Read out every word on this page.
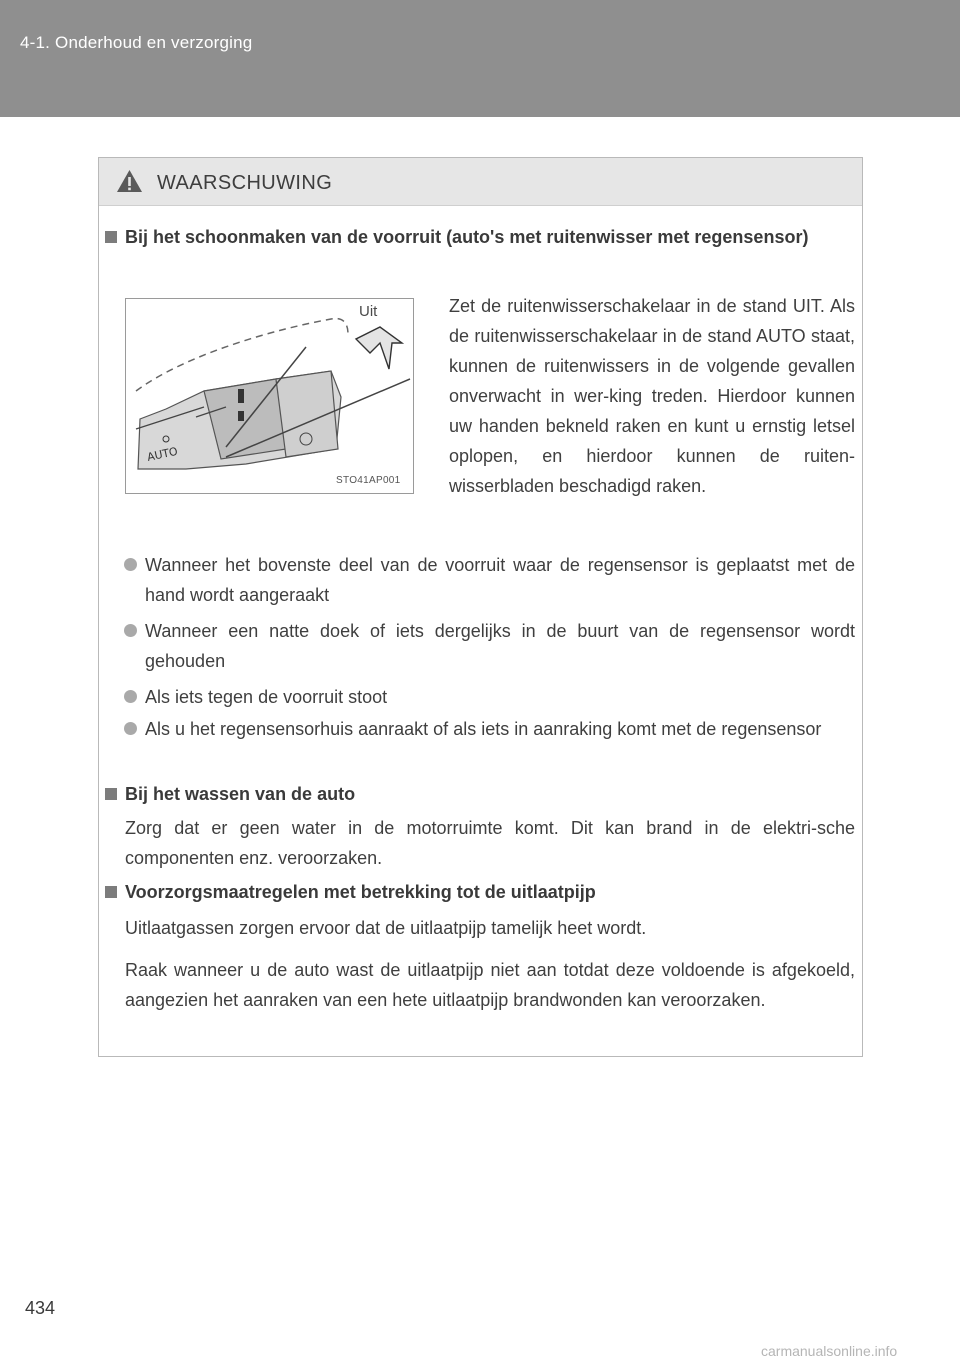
4-1. Onderhoud en verzorging
WAARSCHUWING
Bij het schoonmaken van de voorruit (auto's met ruitenwisser met regensensor)
AUTO
Uit
STO41AP001
Zet de ruitenwisserschakelaar in de stand UIT. Als de ruitenwisserschakelaar in de stand AUTO staat, kunnen de ruitenwissers in de volgende gevallen onverwacht in wer-king treden. Hierdoor kunnen uw handen bekneld raken en kunt u ernstig letsel oplopen, en hierdoor kunnen de ruiten-wisserbladen beschadigd raken.
Wanneer het bovenste deel van de voorruit waar de regensensor is geplaatst met de hand wordt aangeraakt
Wanneer een natte doek of iets dergelijks in de buurt van de regensensor wordt gehouden
Als iets tegen de voorruit stoot
Als u het regensensorhuis aanraakt of als iets in aanraking komt met de regensensor
Bij het wassen van de auto
Zorg dat er geen water in de motorruimte komt. Dit kan brand in de elektri-sche componenten enz. veroorzaken.
Voorzorgsmaatregelen met betrekking tot de uitlaatpijp
Uitlaatgassen zorgen ervoor dat de uitlaatpijp tamelijk heet wordt.
Raak wanneer u de auto wast de uitlaatpijp niet aan totdat deze voldoende is afgekoeld, aangezien het aanraken van een hete uitlaatpijp brandwonden kan veroorzaken.
434
carmanualsonline.info
